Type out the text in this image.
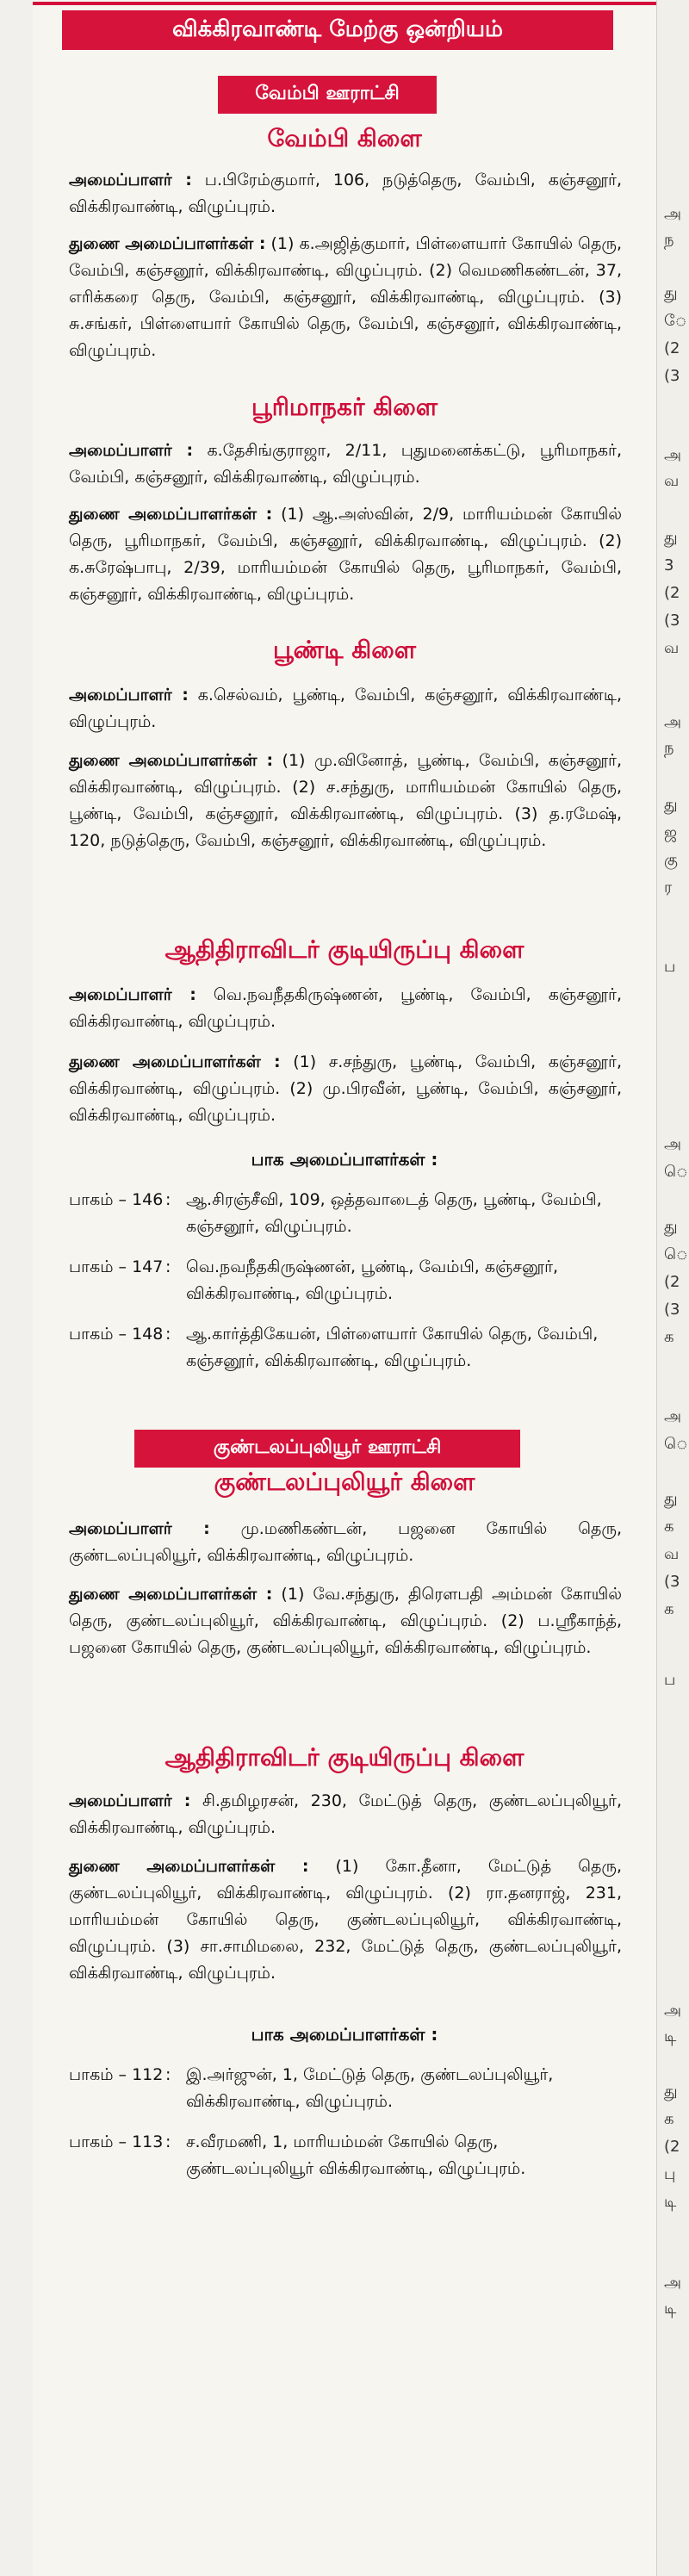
விக்கிரவாண்டி மேற்கு ஒன்றியம்
வேம்பி ஊராட்சி
வேம்பி கிளை
அமைப்பாளர் : ப.பிரேம்குமார், 106, நடுத்தெரு, வேம்பி, கஞ்சனூர், விக்கிரவாண்டி, விழுப்புரம்.
துணை அமைப்பாளர்கள் : (1) க.அஜித்குமார், பிள்ளையார் கோயில் தெரு, வேம்பி, கஞ்சனூர், விக்கிரவாண்டி, விழுப்புரம். (2) வெமணிகண்டன், 37, எரிக்கரை தெரு, வேம்பி, கஞ்சனூர், விக்கிரவாண்டி, விழுப்புரம். (3) சு.சங்கர், பிள்ளையார் கோயில் தெரு, வேம்பி, கஞ்சனூர், விக்கிரவாண்டி, விழுப்புரம்.
பூரிமாநகர் கிளை
அமைப்பாளர் : க.தேசிங்குராஜா, 2/11, புதுமனைக்கட்டு, பூரிமாநகர், வேம்பி, கஞ்சனூர், விக்கிரவாண்டி, விழுப்புரம்.
துணை அமைப்பாளர்கள் : (1) ஆ.அஸ்வின், 2/9, மாரியம்மன் கோயில் தெரு, பூரிமாநகர், வேம்பி, கஞ்சனூர், விக்கிரவாண்டி, விழுப்புரம். (2) க.சுரேஷ்பாபு, 2/39, மாரியம்மன் கோயில் தெரு, பூரிமாநகர், வேம்பி, கஞ்சனூர், விக்கிரவாண்டி, விழுப்புரம்.
பூண்டி கிளை
அமைப்பாளர் : க.செல்வம், பூண்டி, வேம்பி, கஞ்சனூர், விக்கிரவாண்டி, விழுப்புரம்.
துணை அமைப்பாளர்கள் : (1) மு.வினோத், பூண்டி, வேம்பி, கஞ்சனூர், விக்கிரவாண்டி, விழுப்புரம். (2) ச.சந்துரு, மாரியம்மன் கோயில் தெரு, பூண்டி, வேம்பி, கஞ்சனூர், விக்கிரவாண்டி, விழுப்புரம். (3) த.ரமேஷ், 120, நடுத்தெரு, வேம்பி, கஞ்சனூர், விக்கிரவாண்டி, விழுப்புரம்.
ஆதிதிராவிடர் குடியிருப்பு கிளை
அமைப்பாளர் : வெ.நவநீதகிருஷ்ணன், பூண்டி, வேம்பி, கஞ்சனூர், விக்கிரவாண்டி, விழுப்புரம்.
துணை அமைப்பாளர்கள் : (1) ச.சந்துரு, பூண்டி, வேம்பி, கஞ்சனூர், விக்கிரவாண்டி, விழுப்புரம். (2) மு.பிரவீன், பூண்டி, வேம்பி, கஞ்சனூர், விக்கிரவாண்டி, விழுப்புரம்.
பாக அமைப்பாளர்கள் :
பாகம் – 146 : ஆ.சிரஞ்சீவி, 109, ஒத்தவாடைத் தெரு, பூண்டி, வேம்பி, கஞ்சனூர், விழுப்புரம்.
பாகம் – 147 : வெ.நவநீதகிருஷ்ணன், பூண்டி, வேம்பி, கஞ்சனூர், விக்கிரவாண்டி, விழுப்புரம்.
பாகம் – 148 : ஆ.கார்த்திகேயன், பிள்ளையார் கோயில் தெரு, வேம்பி, கஞ்சனூர், விக்கிரவாண்டி, விழுப்புரம்.
குண்டலப்புலியூர் ஊராட்சி
குண்டலப்புலியூர் கிளை
அமைப்பாளர் : மு.மணிகண்டன், பஜனை கோயில் தெரு, குண்டலப்புலியூர், விக்கிரவாண்டி, விழுப்புரம்.
துணை அமைப்பாளர்கள் : (1) வே.சந்துரு, திரௌபதி அம்மன் கோயில் தெரு, குண்டலப்புலியூர், விக்கிரவாண்டி, விழுப்புரம். (2) ப.ஸ்ரீகாந்த், பஜனை கோயில் தெரு, குண்டலப்புலியூர், விக்கிரவாண்டி, விழுப்புரம்.
ஆதிதிராவிடர் குடியிருப்பு கிளை
அமைப்பாளர் : சி.தமிழரசன், 230, மேட்டுத் தெரு, குண்டலப்புலியூர், விக்கிரவாண்டி, விழுப்புரம்.
துணை அமைப்பாளர்கள் : (1) கோ.தீனா, மேட்டுத் தெரு, குண்டலப்புலியூர், விக்கிரவாண்டி, விழுப்புரம். (2) ரா.தனராஜ், 231, மாரியம்மன் கோயில் தெரு, குண்டலப்புலியூர், விக்கிரவாண்டி, விழுப்புரம். (3) சா.சாமிமலை, 232, மேட்டுத் தெரு, குண்டலப்புலியூர், விக்கிரவாண்டி, விழுப்புரம்.
பாக அமைப்பாளர்கள் :
பாகம் – 112 : இ.அர்ஜுன், 1, மேட்டுத் தெரு, குண்டலப்புலியூர், விக்கிரவாண்டி, விழுப்புரம்.
பாகம் – 113 : ச.வீரமணி, 1, மாரியம்மன் கோயில் தெரு, குண்டலப்புலியூர் விக்கிரவாண்டி, விழுப்புரம்.
அ
ந
து
ே
(2
(3
அ
வ
து
3
(2
(3
வ
அ
ந
து
ஜ
கு
ர
ப
அ
ெ
து
ெ
(2
(3
க
அ
ெ
து
க
வ
(3
க
ப
அ
டி
து
க
(2
பு
டி
அ
டி
